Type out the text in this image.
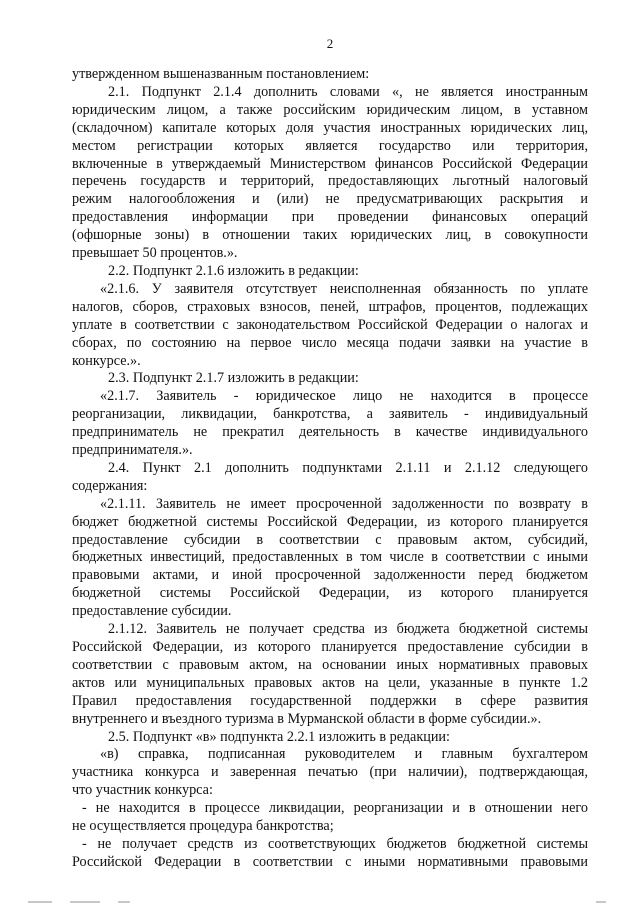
2
утвержденном вышеназванным постановлением:
2.1. Подпункт 2.1.4 дополнить словами «, не является иностранным
юридическим лицом, а также российским юридическим лицом, в уставном
(складочном) капитале которых доля участия иностранных юридических лиц,
местом регистрации которых является государство или территория,
включенные в утверждаемый Министерством финансов Российской Федерации
перечень государств и территорий, предоставляющих льготный налоговый
режим налогообложения и (или) не предусматривающих раскрытия и
предоставления информации при проведении финансовых операций
(офшорные зоны) в отношении таких юридических лиц, в совокупности
превышает 50 процентов.».
2.2. Подпункт 2.1.6 изложить в редакции:
«2.1.6. У заявителя отсутствует неисполненная обязанность по уплате
налогов, сборов, страховых взносов, пеней, штрафов, процентов, подлежащих
уплате в соответствии с законодательством Российской Федерации о налогах и
сборах, по состоянию на первое число месяца подачи заявки на участие в
конкурсе.».
2.3. Подпункт 2.1.7 изложить в редакции:
«2.1.7. Заявитель - юридическое лицо не находится в процессе
реорганизации, ликвидации, банкротства, а заявитель - индивидуальный
предприниматель не прекратил деятельность в качестве индивидуального
предпринимателя.».
2.4. Пункт 2.1 дополнить подпунктами 2.1.11 и 2.1.12 следующего
содержания:
«2.1.11. Заявитель не имеет просроченной задолженности по возврату в
бюджет бюджетной системы Российской Федерации, из которого планируется
предоставление субсидии в соответствии с правовым актом, субсидий,
бюджетных инвестиций, предоставленных в том числе в соответствии с иными
правовыми актами, и иной просроченной задолженности перед бюджетом
бюджетной системы Российской Федерации, из которого планируется
предоставление субсидии.
2.1.12. Заявитель не получает средства из бюджета бюджетной системы
Российской Федерации, из которого планируется предоставление субсидии в
соответствии с правовым актом, на основании иных нормативных правовых
актов или муниципальных правовых актов на цели, указанные в пункте 1.2
Правил предоставления государственной поддержки в сфере развития
внутреннего и въездного туризма в Мурманской области в форме субсидии.».
2.5. Подпункт «в» подпункта 2.2.1 изложить в редакции:
«в) справка, подписанная руководителем и главным бухгалтером
участника конкурса и заверенная печатью (при наличии), подтверждающая,
что участник конкурса:
- не находится в процессе ликвидации, реорганизации и в отношении него
не осуществляется процедура банкротства;
- не получает средств из соответствующих бюджетов бюджетной системы
Российской Федерации в соответствии с иными нормативными правовыми
